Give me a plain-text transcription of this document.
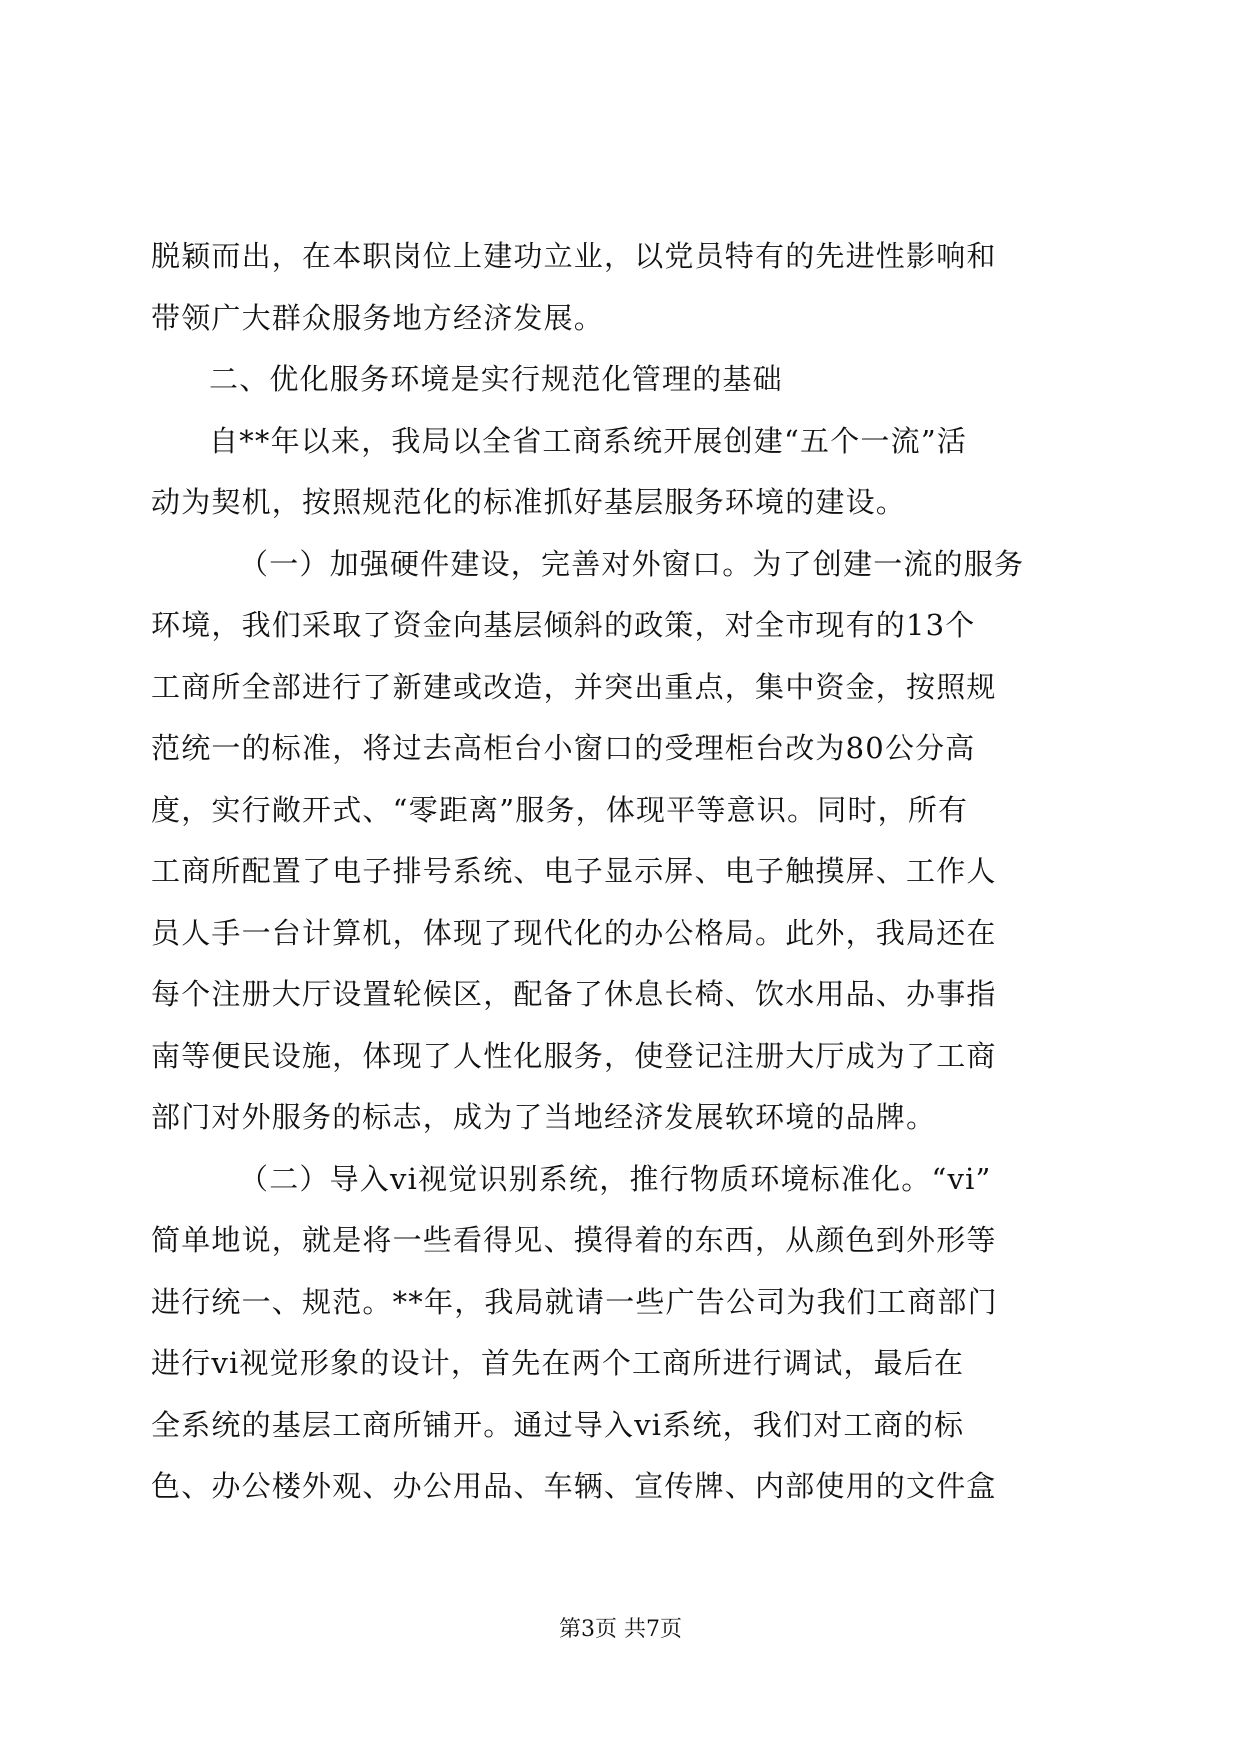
脱颖而出，在本职岗位上建功立业，以党员特有的先进性影响和
带领广大群众服务地方经济发展。
二、优化服务环境是实行规范化管理的基础
自**年以来，我局以全省工商系统开展创建“五个一流”活
动为契机，按照规范化的标准抓好基层服务环境的建设。
（一）加强硬件建设，完善对外窗口。为了创建一流的服务
环境，我们采取了资金向基层倾斜的政策，对全市现有的13个
工商所全部进行了新建或改造，并突出重点，集中资金，按照规
范统一的标准，将过去高柜台小窗口的受理柜台改为80公分高
度，实行敞开式、“零距离”服务，体现平等意识。同时，所有
工商所配置了电子排号系统、电子显示屏、电子触摸屏、工作人
员人手一台计算机，体现了现代化的办公格局。此外，我局还在
每个注册大厅设置轮候区，配备了休息长椅、饮水用品、办事指
南等便民设施，体现了人性化服务，使登记注册大厅成为了工商
部门对外服务的标志，成为了当地经济发展软环境的品牌。
（二）导入vi视觉识别系统，推行物质环境标准化。“vi”
简单地说，就是将一些看得见、摸得着的东西，从颜色到外形等
进行统一、规范。**年，我局就请一些广告公司为我们工商部门
进行vi视觉形象的设计，首先在两个工商所进行调试，最后在
全系统的基层工商所铺开。通过导入vi系统，我们对工商的标
色、办公楼外观、办公用品、车辆、宣传牌、内部使用的文件盒
第3页 共7页
